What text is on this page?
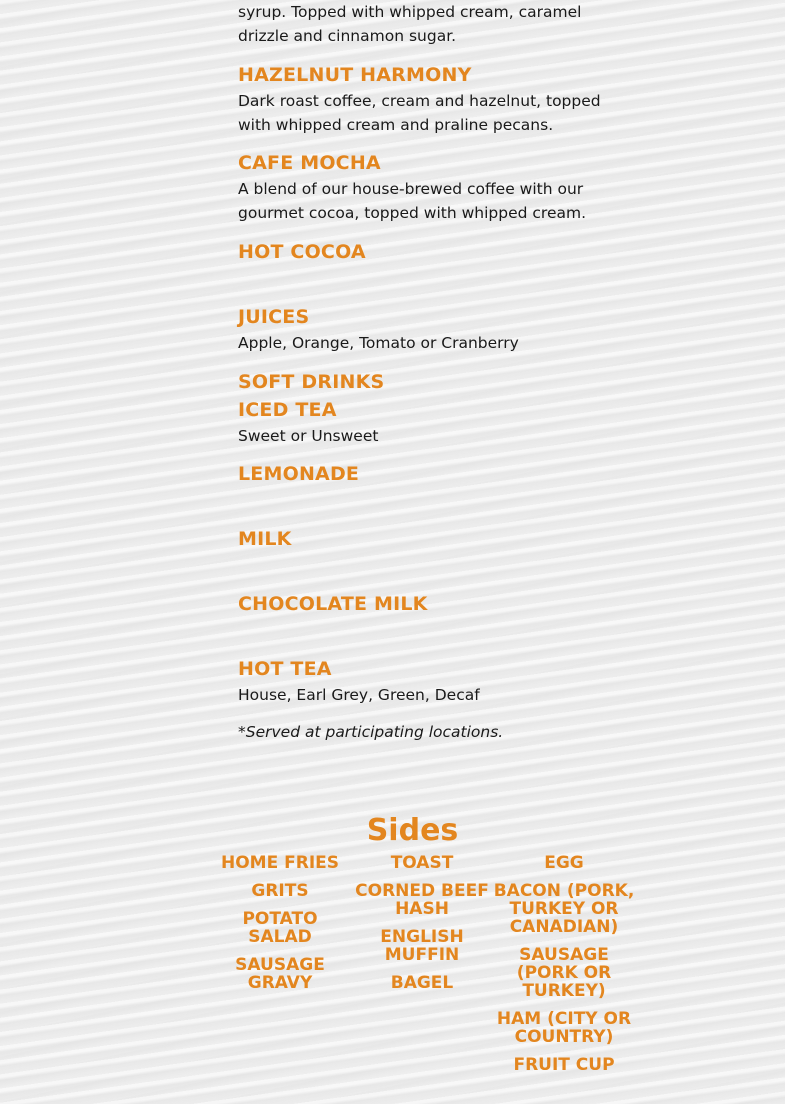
syrup. Topped with whipped cream, caramel drizzle and cinnamon sugar.

HAZELNUT HARMONY

Dark roast coffee, cream and hazelnut, topped with whipped cream and praline pecans.

CAFE MOCHA

A blend of our house-brewed coffee with our gourmet cocoa, topped with whipped cream.

HOT COCOA
JUICES

Apple, Orange, Tomato or Cranberry

SOFT DRINKS
ICED TEA

Sweet or Unsweet

LEMONADE
MILK
CHOCOLATE MILK
HOT TEA

House, Earl Grey, Green, Decaf

*Served at participating locations.

Sides
HOME FRIES
GRITS
POTATO SALAD
SAUSAGE GRAVY
TOAST
CORNED BEEF HASH
ENGLISH MUFFIN
BAGEL
EGG
BACON (PORK, TURKEY OR CANADIAN)
SAUSAGE (PORK OR TURKEY)
HAM (CITY OR COUNTRY)
FRUIT CUP
